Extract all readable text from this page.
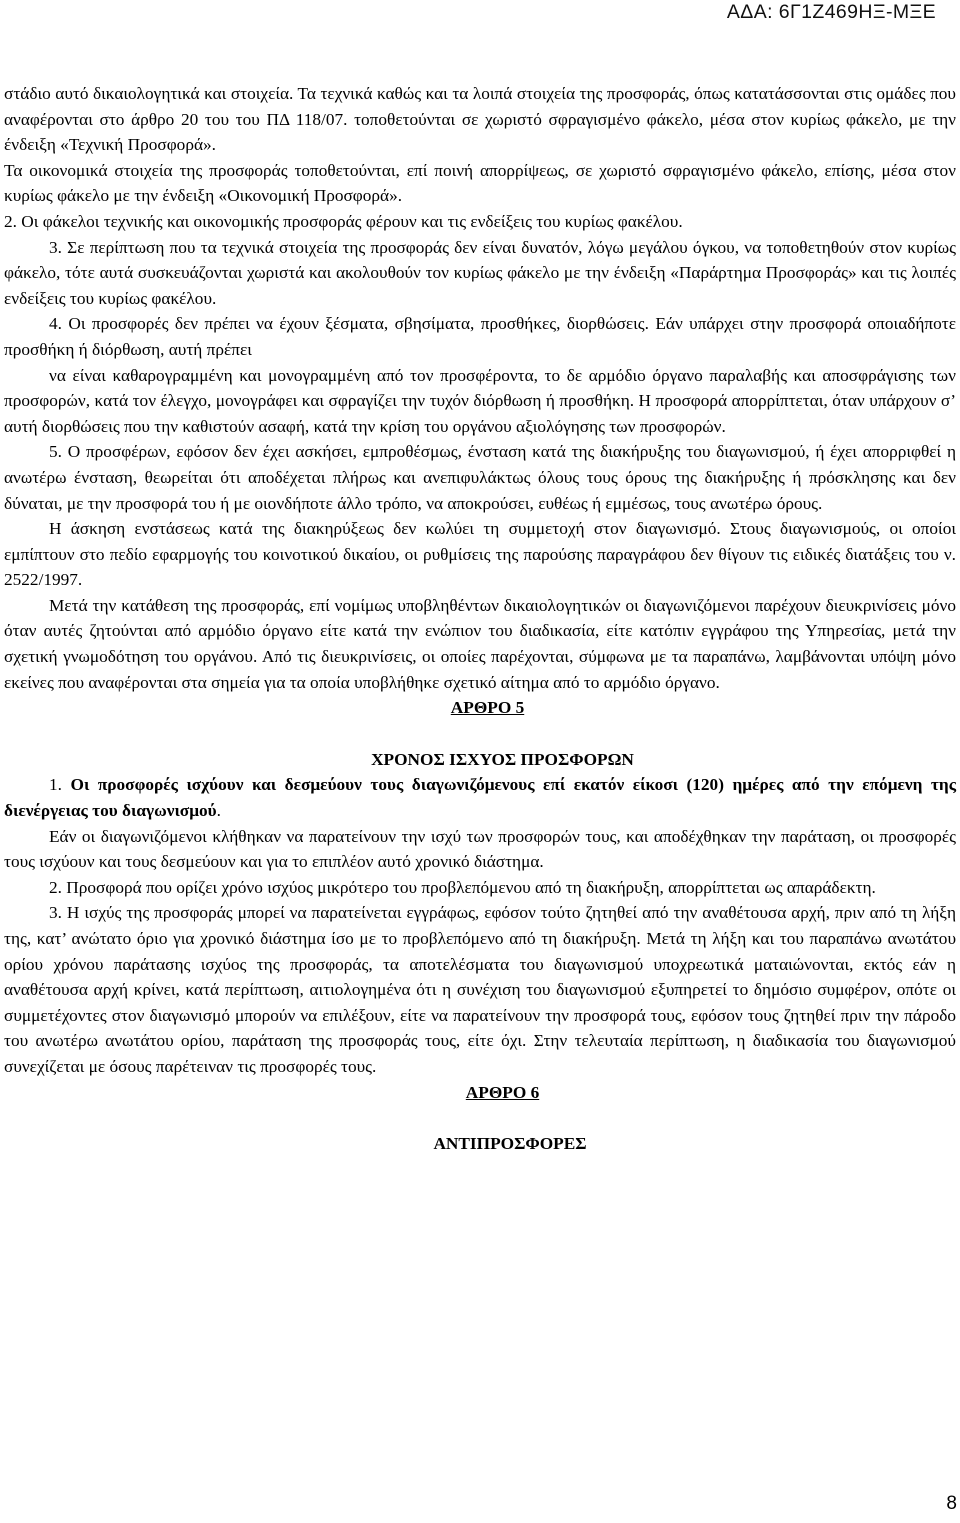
ΑΔΑ: 6Γ1Ζ469ΗΞ-ΜΞΕ

στάδιο αυτό δικαιολογητικά και στοιχεία. Τα τεχνικά καθώς και τα λοιπά στοιχεία της προσφοράς, όπως κατατάσσονται στις ομάδες που αναφέρονται στο άρθρο 20 του του ΠΔ 118/07. τοποθετούνται σε χωριστό σφραγισμένο φάκελο, μέσα στον κυρίως φάκελο, με την ένδειξη «Τεχνική Προσφορά».

Τα οικονομικά στοιχεία της προσφοράς τοποθετούνται, επί ποινή απορρίψεως, σε χωριστό σφραγισμένο φάκελο, επίσης, μέσα στον κυρίως φάκελο με την ένδειξη «Οικονομική Προσφορά».

2. Οι φάκελοι τεχνικής και οικονομικής προσφοράς φέρουν και τις ενδείξεις του κυρίως φακέλου.

3. Σε περίπτωση που τα τεχνικά στοιχεία της προσφοράς δεν είναι δυνατόν, λόγω μεγάλου όγκου, να τοποθετηθούν στον κυρίως φάκελο, τότε αυτά συσκευάζονται χωριστά και ακολουθούν τον κυρίως φάκελο με την ένδειξη «Παράρτημα Προσφοράς» και τις λοιπές ενδείξεις του κυρίως φακέλου.

4. Οι προσφορές δεν πρέπει να έχουν ξέσματα, σβησίματα, προσθήκες, διορθώσεις. Εάν υπάρχει στην προσφορά οποιαδήποτε προσθήκη ή διόρθωση, αυτή πρέπει

να είναι καθαρογραμμένη και μονογραμμένη από τον προσφέροντα, το δε αρμόδιο όργανο παραλαβής και αποσφράγισης των προσφορών, κατά τον έλεγχο, μονογράφει και σφραγίζει την τυχόν διόρθωση ή προσθήκη. Η προσφορά απορρίπτεται, όταν υπάρχουν σ’ αυτή διορθώσεις που την καθιστούν ασαφή, κατά την κρίση του οργάνου αξιολόγησης των προσφορών.

5. Ο προσφέρων, εφόσον δεν έχει ασκήσει, εμπροθέσμως, ένσταση κατά της διακήρυξης του διαγωνισμού, ή έχει απορριφθεί η ανωτέρω ένσταση, θεωρείται ότι αποδέχεται πλήρως και ανεπιφυλάκτως όλους τους όρους της διακήρυξης ή πρόσκλησης και δεν δύναται, με την προσφορά του ή με οιονδήποτε άλλο τρόπο, να αποκρούσει, ευθέως ή εμμέσως, τους ανωτέρω όρους.

Η άσκηση ενστάσεως κατά της διακηρύξεως δεν κωλύει τη συμμετοχή στον διαγωνισμό. Στους διαγωνισμούς, οι οποίοι εμπίπτουν στο πεδίο εφαρμογής του κοινοτικού δικαίου, οι ρυθμίσεις της παρούσης παραγράφου δεν θίγουν τις ειδικές διατάξεις του ν. 2522/1997.

Μετά την κατάθεση της προσφοράς, επί νομίμως υποβληθέντων δικαιολογητικών οι διαγωνιζόμενοι παρέχουν διευκρινίσεις μόνο όταν αυτές ζητούνται από αρμόδιο όργανο είτε κατά την ενώπιον του διαδικασία, είτε κατόπιν εγγράφου της Υπηρεσίας, μετά την σχετική γνωμοδότηση του οργάνου. Από τις διευκρινίσεις, οι οποίες παρέχονται, σύμφωνα με τα παραπάνω, λαμβάνονται υπόψη μόνο εκείνες που αναφέρονται στα σημεία για τα οποία υποβλήθηκε σχετικό αίτημα από το αρμόδιο όργανο.

ΑΡΘΡΟ 5

ΧΡΟΝΟΣ ΙΣΧΥΟΣ ΠΡΟΣΦΟΡΩΝ

1. Οι προσφορές ισχύουν και δεσμεύουν τους διαγωνιζόμενους επί εκατόν είκοσι (120) ημέρες από την επόμενη της διενέργειας του διαγωνισμού.

Εάν οι διαγωνιζόμενοι κλήθηκαν να παρατείνουν την ισχύ των προσφορών τους, και αποδέχθηκαν την παράταση, οι προσφορές τους ισχύουν και τους δεσμεύουν και για το επιπλέον αυτό χρονικό διάστημα.

2. Προσφορά που ορίζει χρόνο ισχύος μικρότερο του προβλεπόμενου από τη διακήρυξη, απορρίπτεται ως απαράδεκτη.

3. Η ισχύς της προσφοράς μπορεί να παρατείνεται εγγράφως, εφόσον τούτο ζητηθεί από την αναθέτουσα αρχή, πριν από τη λήξη της, κατ’ ανώτατο όριο για χρονικό διάστημα ίσο με το προβλεπόμενο από τη διακήρυξη. Μετά τη λήξη και του παραπάνω ανωτάτου ορίου χρόνου παράτασης ισχύος της προσφοράς, τα αποτελέσματα του διαγωνισμού υποχρεωτικά ματαιώνονται, εκτός εάν η αναθέτουσα αρχή κρίνει, κατά περίπτωση, αιτιολογημένα ότι η συνέχιση του διαγωνισμού εξυπηρετεί το δημόσιο συμφέρον, οπότε οι συμμετέχοντες στον διαγωνισμό μπορούν να επιλέξουν, είτε να παρατείνουν την προσφορά τους, εφόσον τους ζητηθεί πριν την πάροδο του ανωτέρω ανωτάτου ορίου, παράταση της προσφοράς τους, είτε όχι. Στην τελευταία περίπτωση, η διαδικασία του διαγωνισμού συνεχίζεται με όσους παρέτειναν τις προσφορές τους.

ΑΡΘΡΟ 6

ΑΝΤΙΠΡΟΣΦΟΡΕΣ

8
